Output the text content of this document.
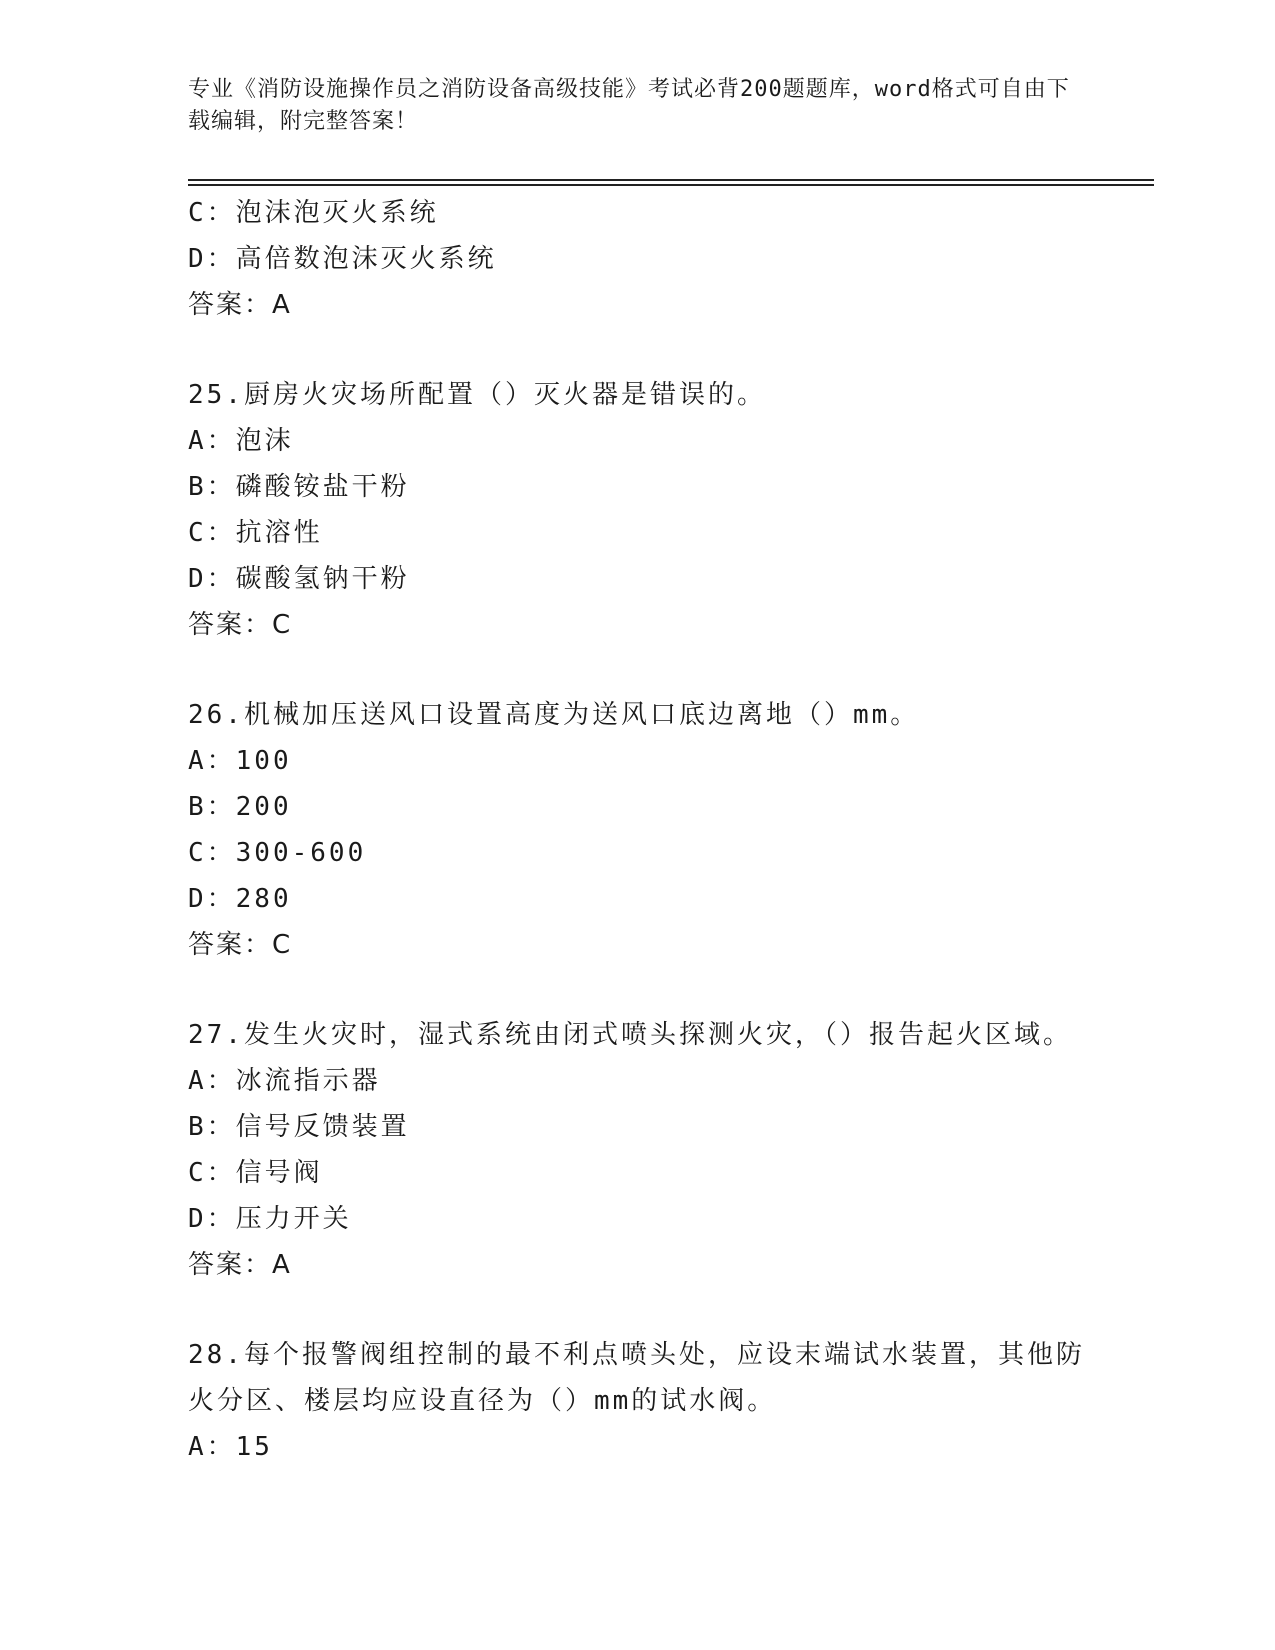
专业《消防设施操作员之消防设备高级技能》考试必背200题题库，word格式可自由下载编辑，附完整答案！
C：泡沫泡灭火系统
D：高倍数泡沫灭火系统
答案：A
25.厨房火灾场所配置（）灭火器是错误的。
A：泡沫
B：磷酸铵盐干粉
C：抗溶性
D：碳酸氢钠干粉
答案：C
26.机械加压送风口设置高度为送风口底边离地（）mm。
A：100
B：200
C：300-600
D：280
答案：C
27.发生火灾时，湿式系统由闭式喷头探测火灾，（）报告起火区域。
A：冰流指示器
B：信号反馈装置
C：信号阀
D：压力开关
答案：A
28.每个报警阀组控制的最不利点喷头处，应设末端试水装置，其他防火分区、楼层均应设直径为（）mm的试水阀。
A：15
